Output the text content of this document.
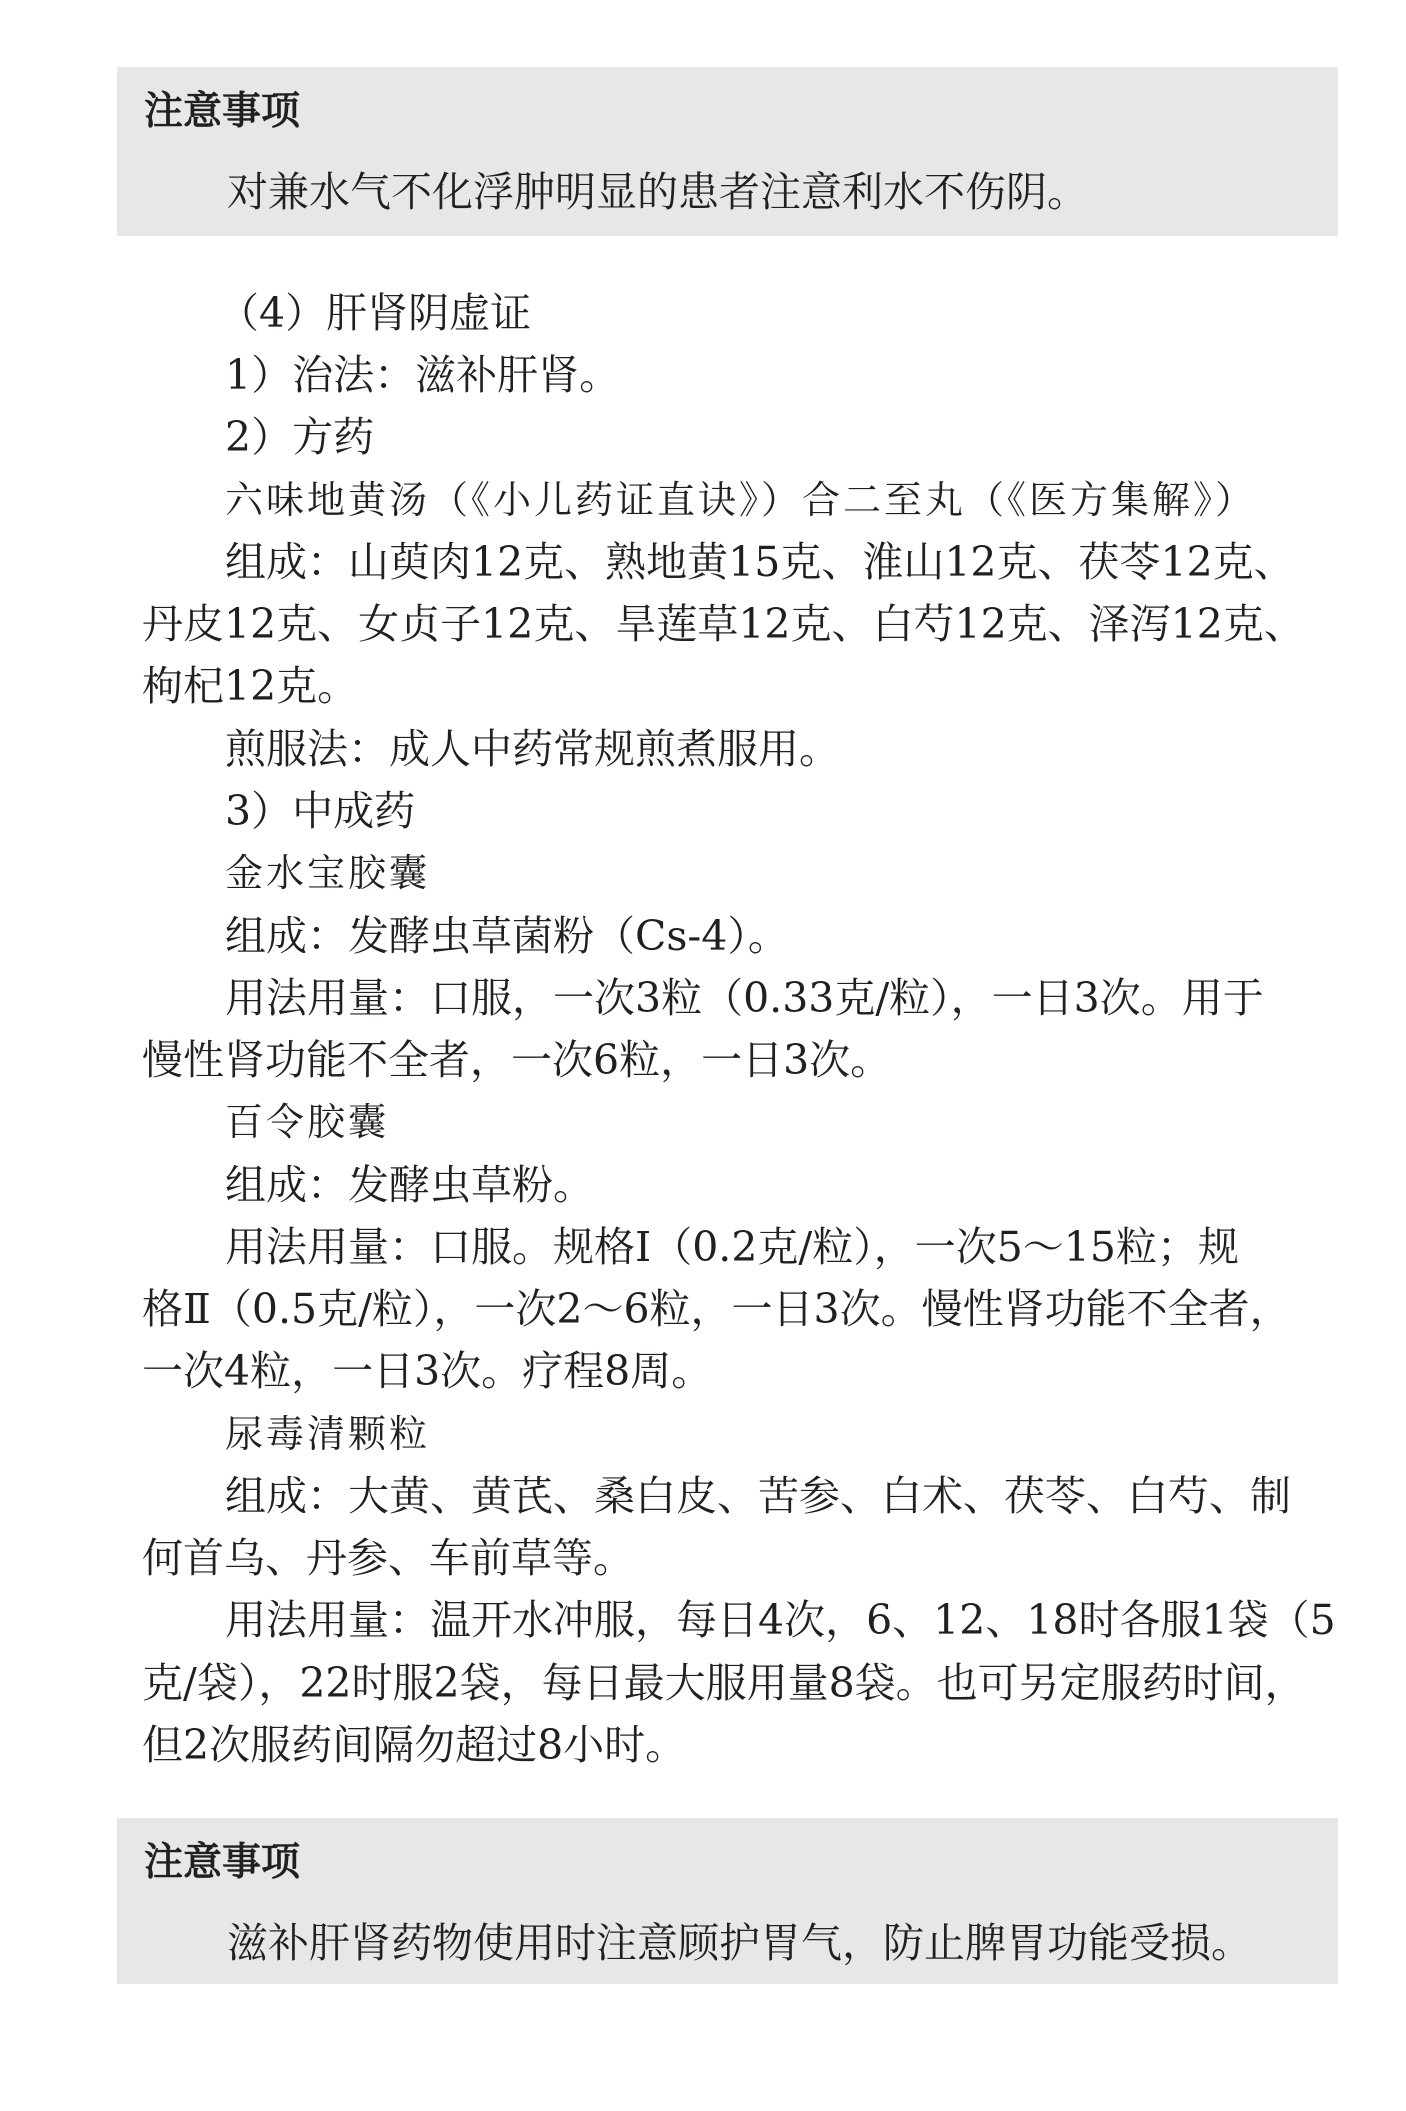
注意事项
对兼水气不化浮肿明显的患者注意利水不伤阴。
（4）肝肾阴虚证
1）治法：滋补肝肾。
2）方药
六味地黄汤（《小儿药证直诀》）合二至丸（《医方集解》）
组成：山萸肉12克、熟地黄15克、淮山12克、茯苓12克、
丹皮12克、女贞子12克、旱莲草12克、白芍12克、泽泻12克、
枸杞12克。
煎服法：成人中药常规煎煮服用。
3）中成药
金水宝胶囊
组成：发酵虫草菌粉（Cs-4）。
用法用量：口服，一次3粒（0.33克/粒），一日3次。用于
慢性肾功能不全者，一次6粒，一日3次。
百令胶囊
组成：发酵虫草粉。
用法用量：口服。规格Ⅰ（0.2克/粒），一次5～15粒；规
格Ⅱ（0.5克/粒），一次2～6粒，一日3次。慢性肾功能不全者，
一次4粒，一日3次。疗程8周。
尿毒清颗粒
组成：大黄、黄芪、桑白皮、苦参、白术、茯苓、白芍、制
何首乌、丹参、车前草等。
用法用量：温开水冲服，每日4次，6、12、18时各服1袋（5
克/袋），22时服2袋，每日最大服用量8袋。也可另定服药时间，
但2次服药间隔勿超过8小时。
注意事项
滋补肝肾药物使用时注意顾护胃气，防止脾胃功能受损。
